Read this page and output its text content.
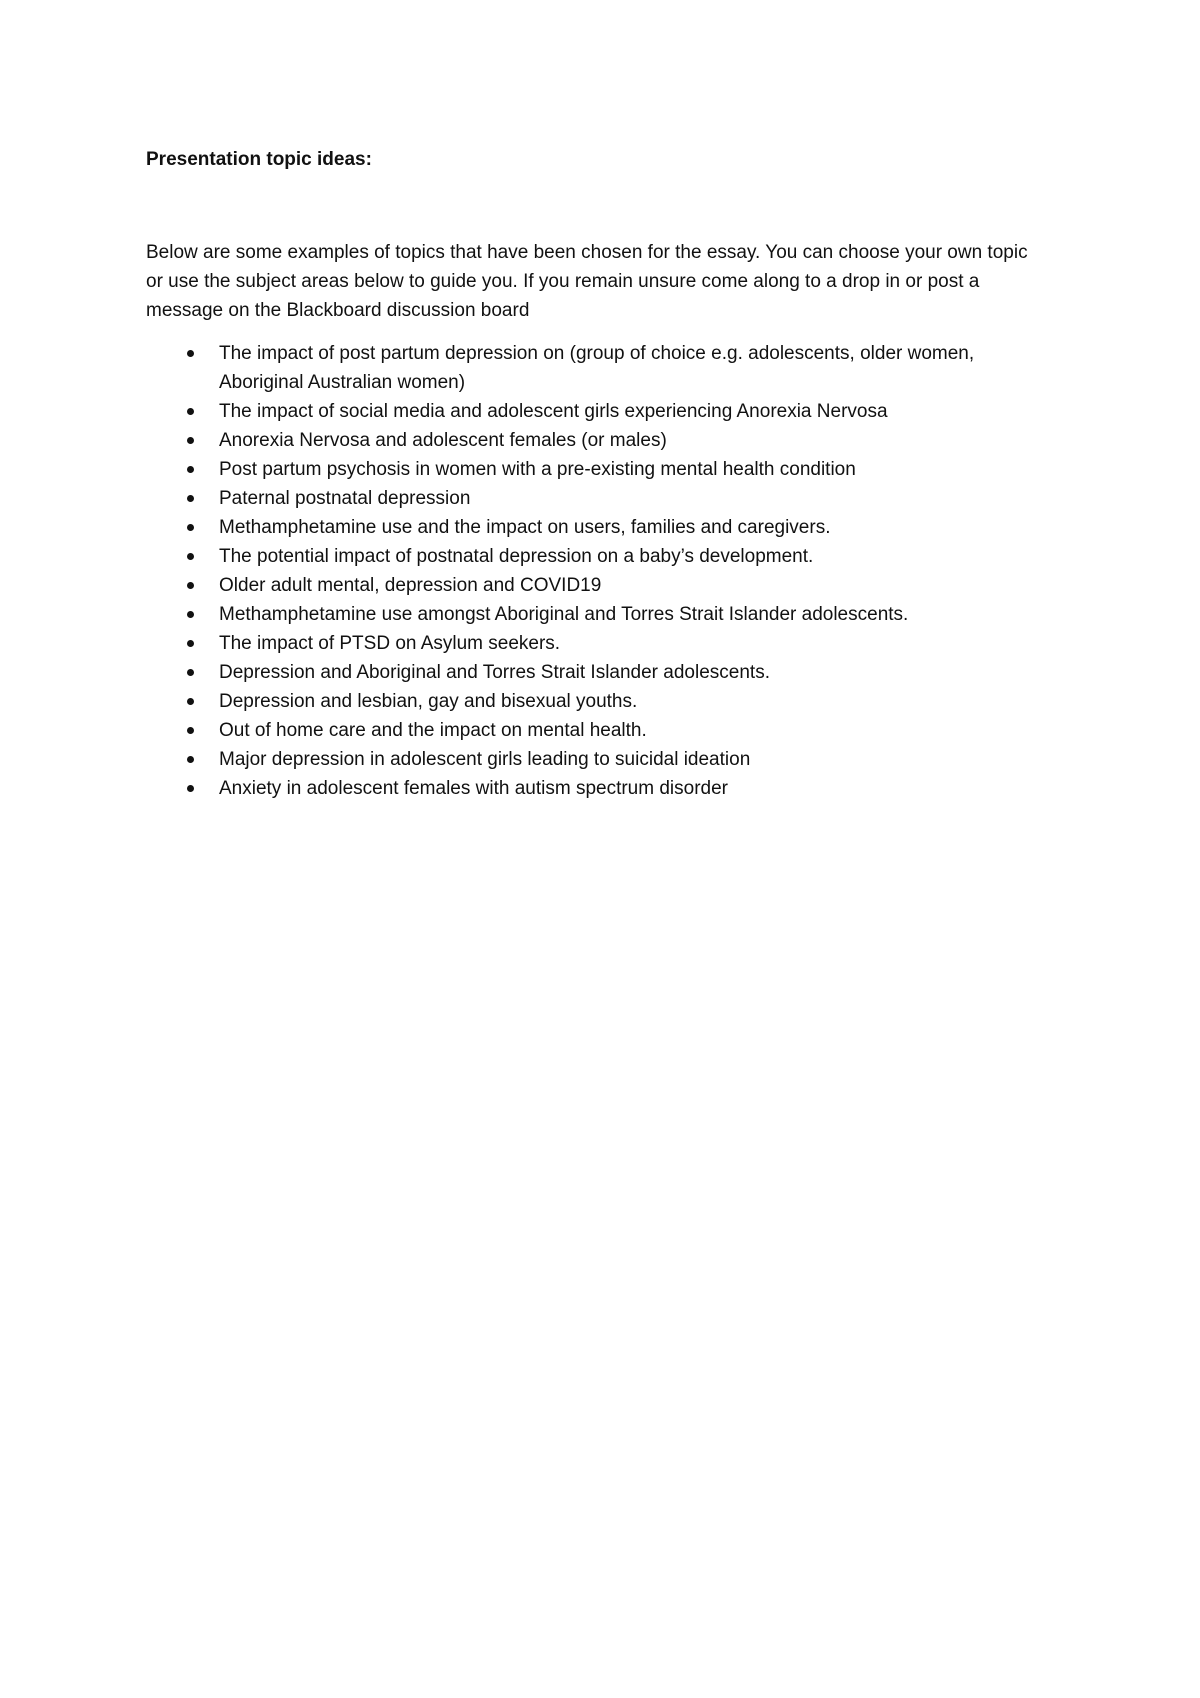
Presentation topic ideas:

Below are some examples of topics that have been chosen for the essay. You can choose your own topic or use the subject areas below to guide you. If you remain unsure come along to a drop in or post a message on the Blackboard discussion board

The impact of post partum depression on (group of choice e.g. adolescents, older women, Aboriginal Australian women)
The impact of social media and adolescent girls experiencing Anorexia Nervosa
Anorexia Nervosa and adolescent females (or males)
Post partum psychosis in women with a pre-existing mental health condition
Paternal postnatal depression
Methamphetamine use and the impact on users, families and caregivers.
The potential impact of postnatal depression on a baby’s development.
Older adult mental, depression and COVID19
Methamphetamine use amongst Aboriginal and Torres Strait Islander adolescents.
The impact of PTSD on Asylum seekers.
Depression and Aboriginal and Torres Strait Islander adolescents.
Depression and lesbian, gay and bisexual youths.
Out of home care and the impact on mental health.
Major depression in adolescent girls leading to suicidal ideation
Anxiety in adolescent females with autism spectrum disorder
